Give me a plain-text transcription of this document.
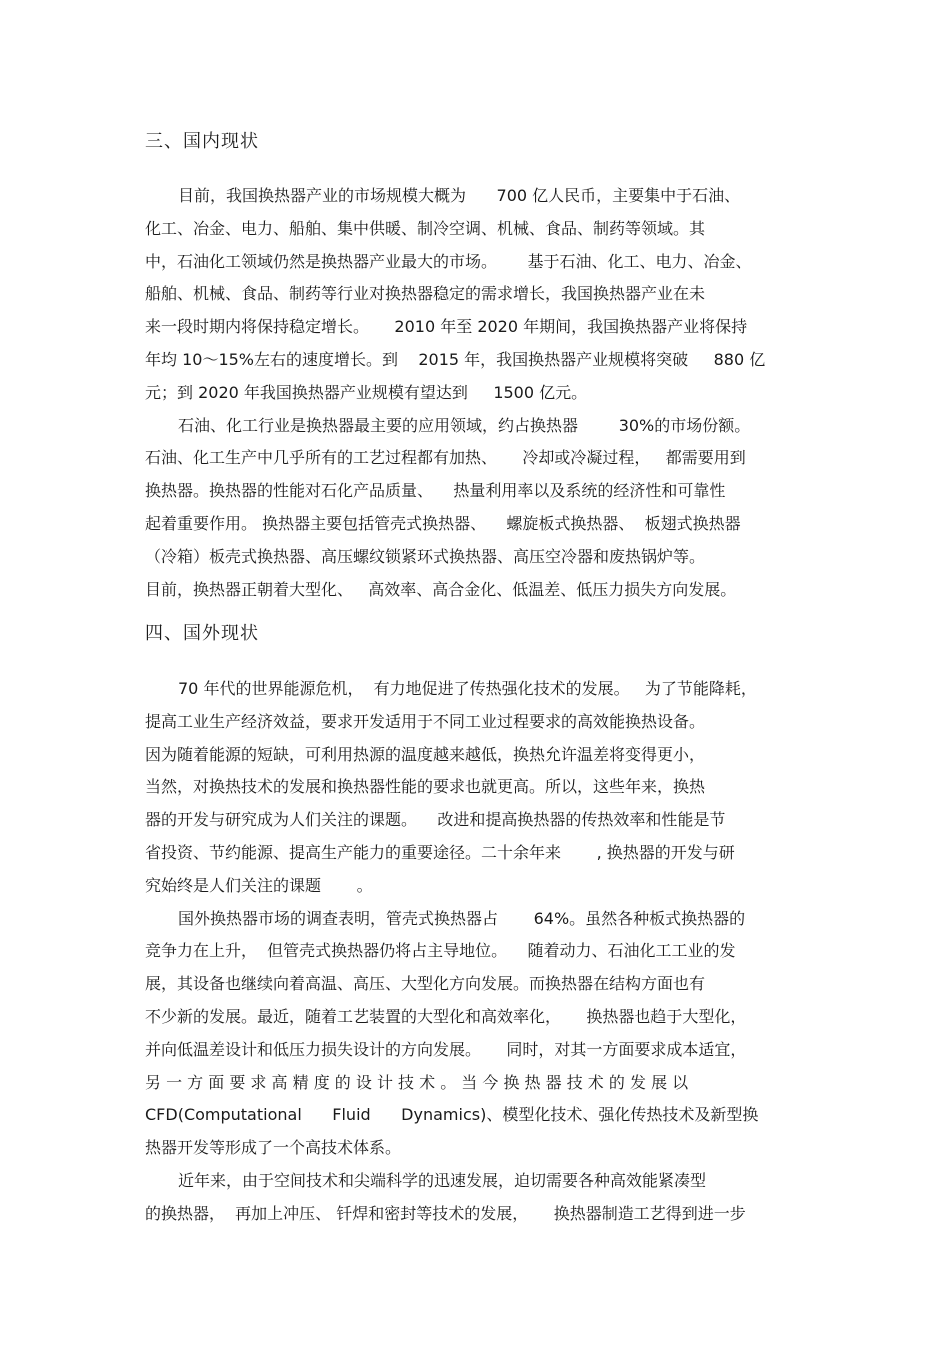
三、国内现状
目前，我国换热器产业的市场规模大概为      700 亿人民币，主要集中于石油、
化工、冶金、电力、船舶、集中供暖、制冷空调、机械、食品、制药等领域。其
中，石油化工领域仍然是换热器产业最大的市场。      基于石油、化工、电力、冶金、
船舶、机械、食品、制药等行业对换热器稳定的需求增长，我国换热器产业在未
来一段时期内将保持稳定增长。     2010 年至 2020 年期间，我国换热器产业将保持
年均 10～15%左右的速度增长。到    2015 年，我国换热器产业规模将突破     880 亿
元；到 2020 年我国换热器产业规模有望达到     1500 亿元。
石油、化工行业是换热器最主要的应用领域，约占换热器        30%的市场份额。
石油、化工生产中几乎所有的工艺过程都有加热、     冷却或冷凝过程，   都需要用到
换热器。换热器的性能对石化产品质量、    热量利用率以及系统的经济性和可靠性
起着重要作用。 换热器主要包括管壳式换热器、    螺旋板式换热器、  板翅式换热器
（冷箱）板壳式换热器、高压螺纹锁紧环式换热器、高压空冷器和废热锅炉等。
目前，换热器正朝着大型化、   高效率、高合金化、低温差、低压力损失方向发展。
四、国外现状
70 年代的世界能源危机，  有力地促进了传热强化技术的发展。   为了节能降耗，
提高工业生产经济效益，要求开发适用于不同工业过程要求的高效能换热设备。
因为随着能源的短缺，可利用热源的温度越来越低，换热允许温差将变得更小，
当然，对换热技术的发展和换热器性能的要求也就更高。所以，这些年来，换热
器的开发与研究成为人们关注的课题。    改进和提高换热器的传热效率和性能是节
省投资、节约能源、提高生产能力的重要途径。二十余年来       , 换热器的开发与研
究始终是人们关注的课题       。
国外换热器市场的调查表明，管壳式换热器占       64%。虽然各种板式换热器的
竞争力在上升，  但管壳式换热器仍将占主导地位。    随着动力、石油化工工业的发
展，其设备也继续向着高温、高压、大型化方向发展。而换热器在结构方面也有
不少新的发展。最近，随着工艺装置的大型化和高效率化，     换热器也趋于大型化，
并向低温差设计和低压力损失设计的方向发展。     同时，对其一方面要求成本适宜，
另 一 方 面 要 求 高 精 度 的 设 计 技 术 。 当 今 换 热 器 技 术 的 发 展 以
CFD(Computational      Fluid      Dynamics)、模型化技术、强化传热技术及新型换
热器开发等形成了一个高技术体系。
近年来，由于空间技术和尖端科学的迅速发展，迫切需要各种高效能紧凑型
的换热器，  再加上冲压、 钎焊和密封等技术的发展，     换热器制造工艺得到进一步
